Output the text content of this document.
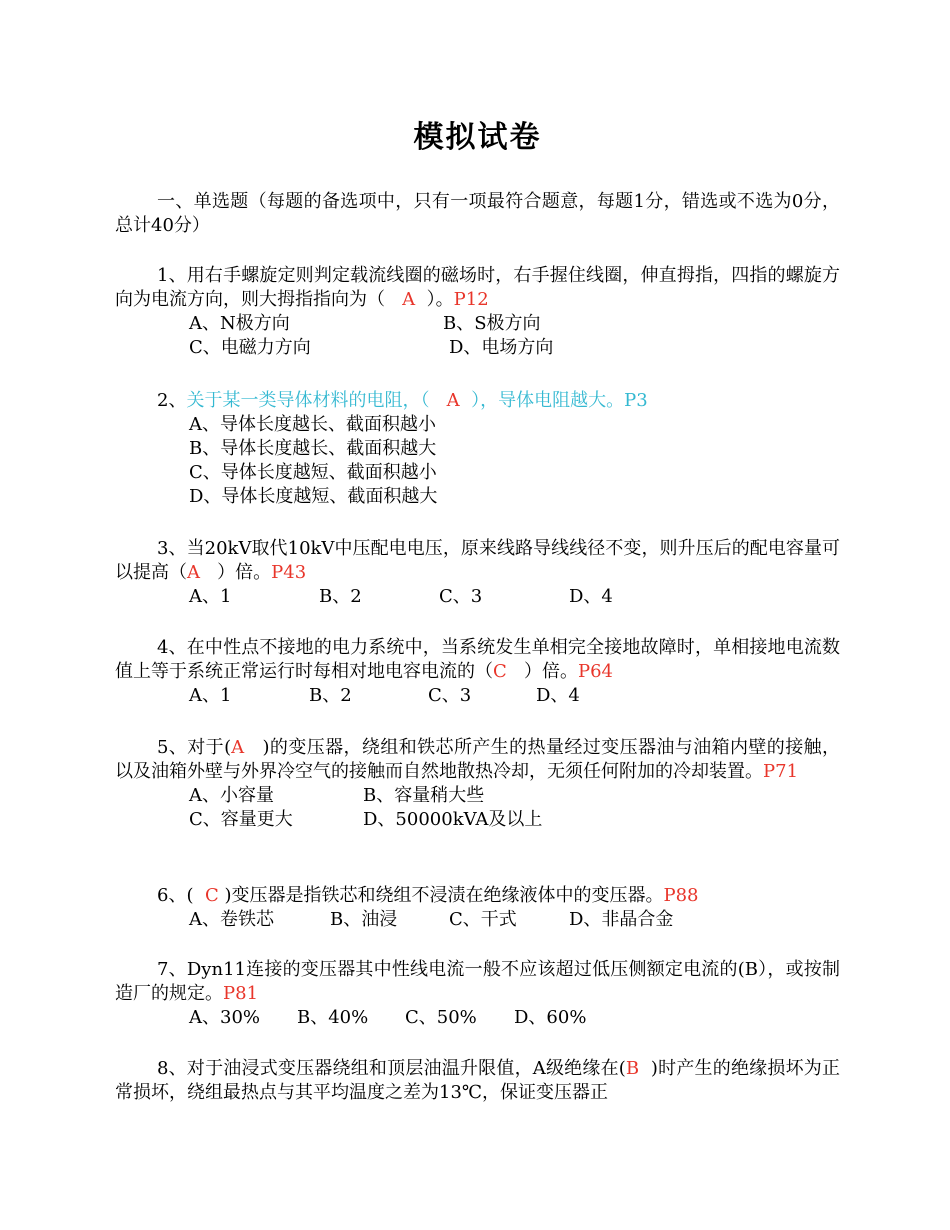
模拟试卷

一、单选题（每题的备选项中，只有一项最符合题意，每题1分，错选或不选为0分，总计40分）

1、用右手螺旋定则判定载流线圈的磁场时，右手握住线圈，伸直拇指，四指的螺旋方向为电流方向，则大拇指指向为（ A ）。P12

A、N极方向	B、S极方向
C、电磁力方向	D、电场方向

2、关于某一类导体材料的电阻，（ A ），导体电阻越大。P3

A、导体长度越长、截面积越小
B、导体长度越长、截面积越大
C、导体长度越短、截面积越小
D、导体长度越短、截面积越大

3、当20kV取代10kV中压配电电压，原来线路导线线径不变，则升压后的配电容量可以提高（A ）倍。P43

A、1	B、2	C、3	D、4

4、在中性点不接地的电力系统中，当系统发生单相完全接地故障时，单相接地电流数值上等于系统正常运行时每相对地电容电流的（C ）倍。P64

A、1	B、2	C、3	D、4

5、对于(A )的变压器，绕组和铁芯所产生的热量经过变压器油与油箱内壁的接触，以及油箱外壁与外界冷空气的接触而自然地散热冷却，无须任何附加的冷却装置。P71

A、小容量	B、容量稍大些
C、容量更大	D、50000kVA及以上

6、( C )变压器是指铁芯和绕组不浸渍在绝缘液体中的变压器。P88

A、卷铁芯	B、油浸	C、干式	D、非晶合金

7、Dyn11连接的变压器其中性线电流一般不应该超过低压侧额定电流的(B），或按制造厂的规定。P81

A、30% B、40% C、50% D、60%

8、对于油浸式变压器绕组和顶层油温升限值，A级绝缘在(B )时产生的绝缘损坏为正常损坏，绕组最热点与其平均温度之差为13℃，保证变压器正
